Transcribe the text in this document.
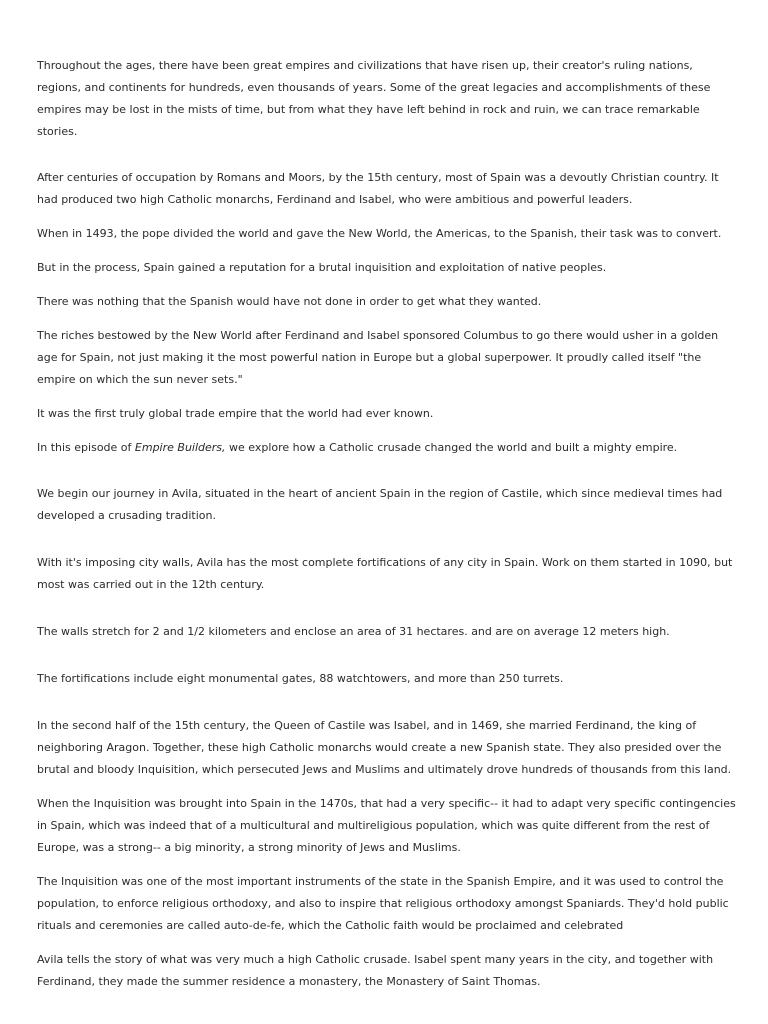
Throughout the ages, there have been great empires and civilizations that have risen up, their creator's ruling nations, regions, and continents for hundreds, even thousands of years. Some of the great legacies and accomplishments of these empires may be lost in the mists of time, but from what they have left behind in rock and ruin, we can trace remarkable stories.

After centuries of occupation by Romans and Moors, by the 15th century, most of Spain was a devoutly Christian country. It had produced two high Catholic monarchs, Ferdinand and Isabel, who were ambitious and powerful leaders.

When in 1493, the pope divided the world and gave the New World, the Americas, to the Spanish, their task was to convert.

But in the process, Spain gained a reputation for a brutal inquisition and exploitation of native peoples.

There was nothing that the Spanish would have not done in order to get what they wanted.

The riches bestowed by the New World after Ferdinand and Isabel sponsored Columbus to go there would usher in a golden age for Spain, not just making it the most powerful nation in Europe but a global superpower. It proudly called itself "the empire on which the sun never sets."

It was the first truly global trade empire that the world had ever known.

In this episode of Empire Builders, we explore how a Catholic crusade changed the world and built a mighty empire.

We begin our journey in Avila, situated in the heart of ancient Spain in the region of Castile, which since medieval times had developed a crusading tradition.

With it's imposing city walls, Avila has the most complete fortifications of any city in Spain. Work on them started in 1090, but most was carried out in the 12th century.

The walls stretch for 2 and 1/2 kilometers and enclose an area of 31 hectares. and are on average 12 meters high.

The fortifications include eight monumental gates, 88 watchtowers, and more than 250 turrets.

In the second half of the 15th century, the Queen of Castile was Isabel, and in 1469, she married Ferdinand, the king of neighboring Aragon. Together, these high Catholic monarchs would create a new Spanish state. They also presided over the brutal and bloody Inquisition, which persecuted Jews and Muslims and ultimately drove hundreds of thousands from this land.

When the Inquisition was brought into Spain in the 1470s, that had a very specific-- it had to adapt very specific contingencies in Spain, which was indeed that of a multicultural and multireligious population, which was quite different from the rest of Europe, was a strong-- a big minority, a strong minority of Jews and Muslims.

The Inquisition was one of the most important instruments of the state in the Spanish Empire, and it was used to control the population, to enforce religious orthodoxy, and also to inspire that religious orthodoxy amongst Spaniards. They'd hold public rituals and ceremonies are called auto-de-fe, which the Catholic faith would be proclaimed and celebrated

Avila tells the story of what was very much a high Catholic crusade. Isabel spent many years in the city, and together with Ferdinand, they made the summer residence a monastery, the Monastery of Saint Thomas.
